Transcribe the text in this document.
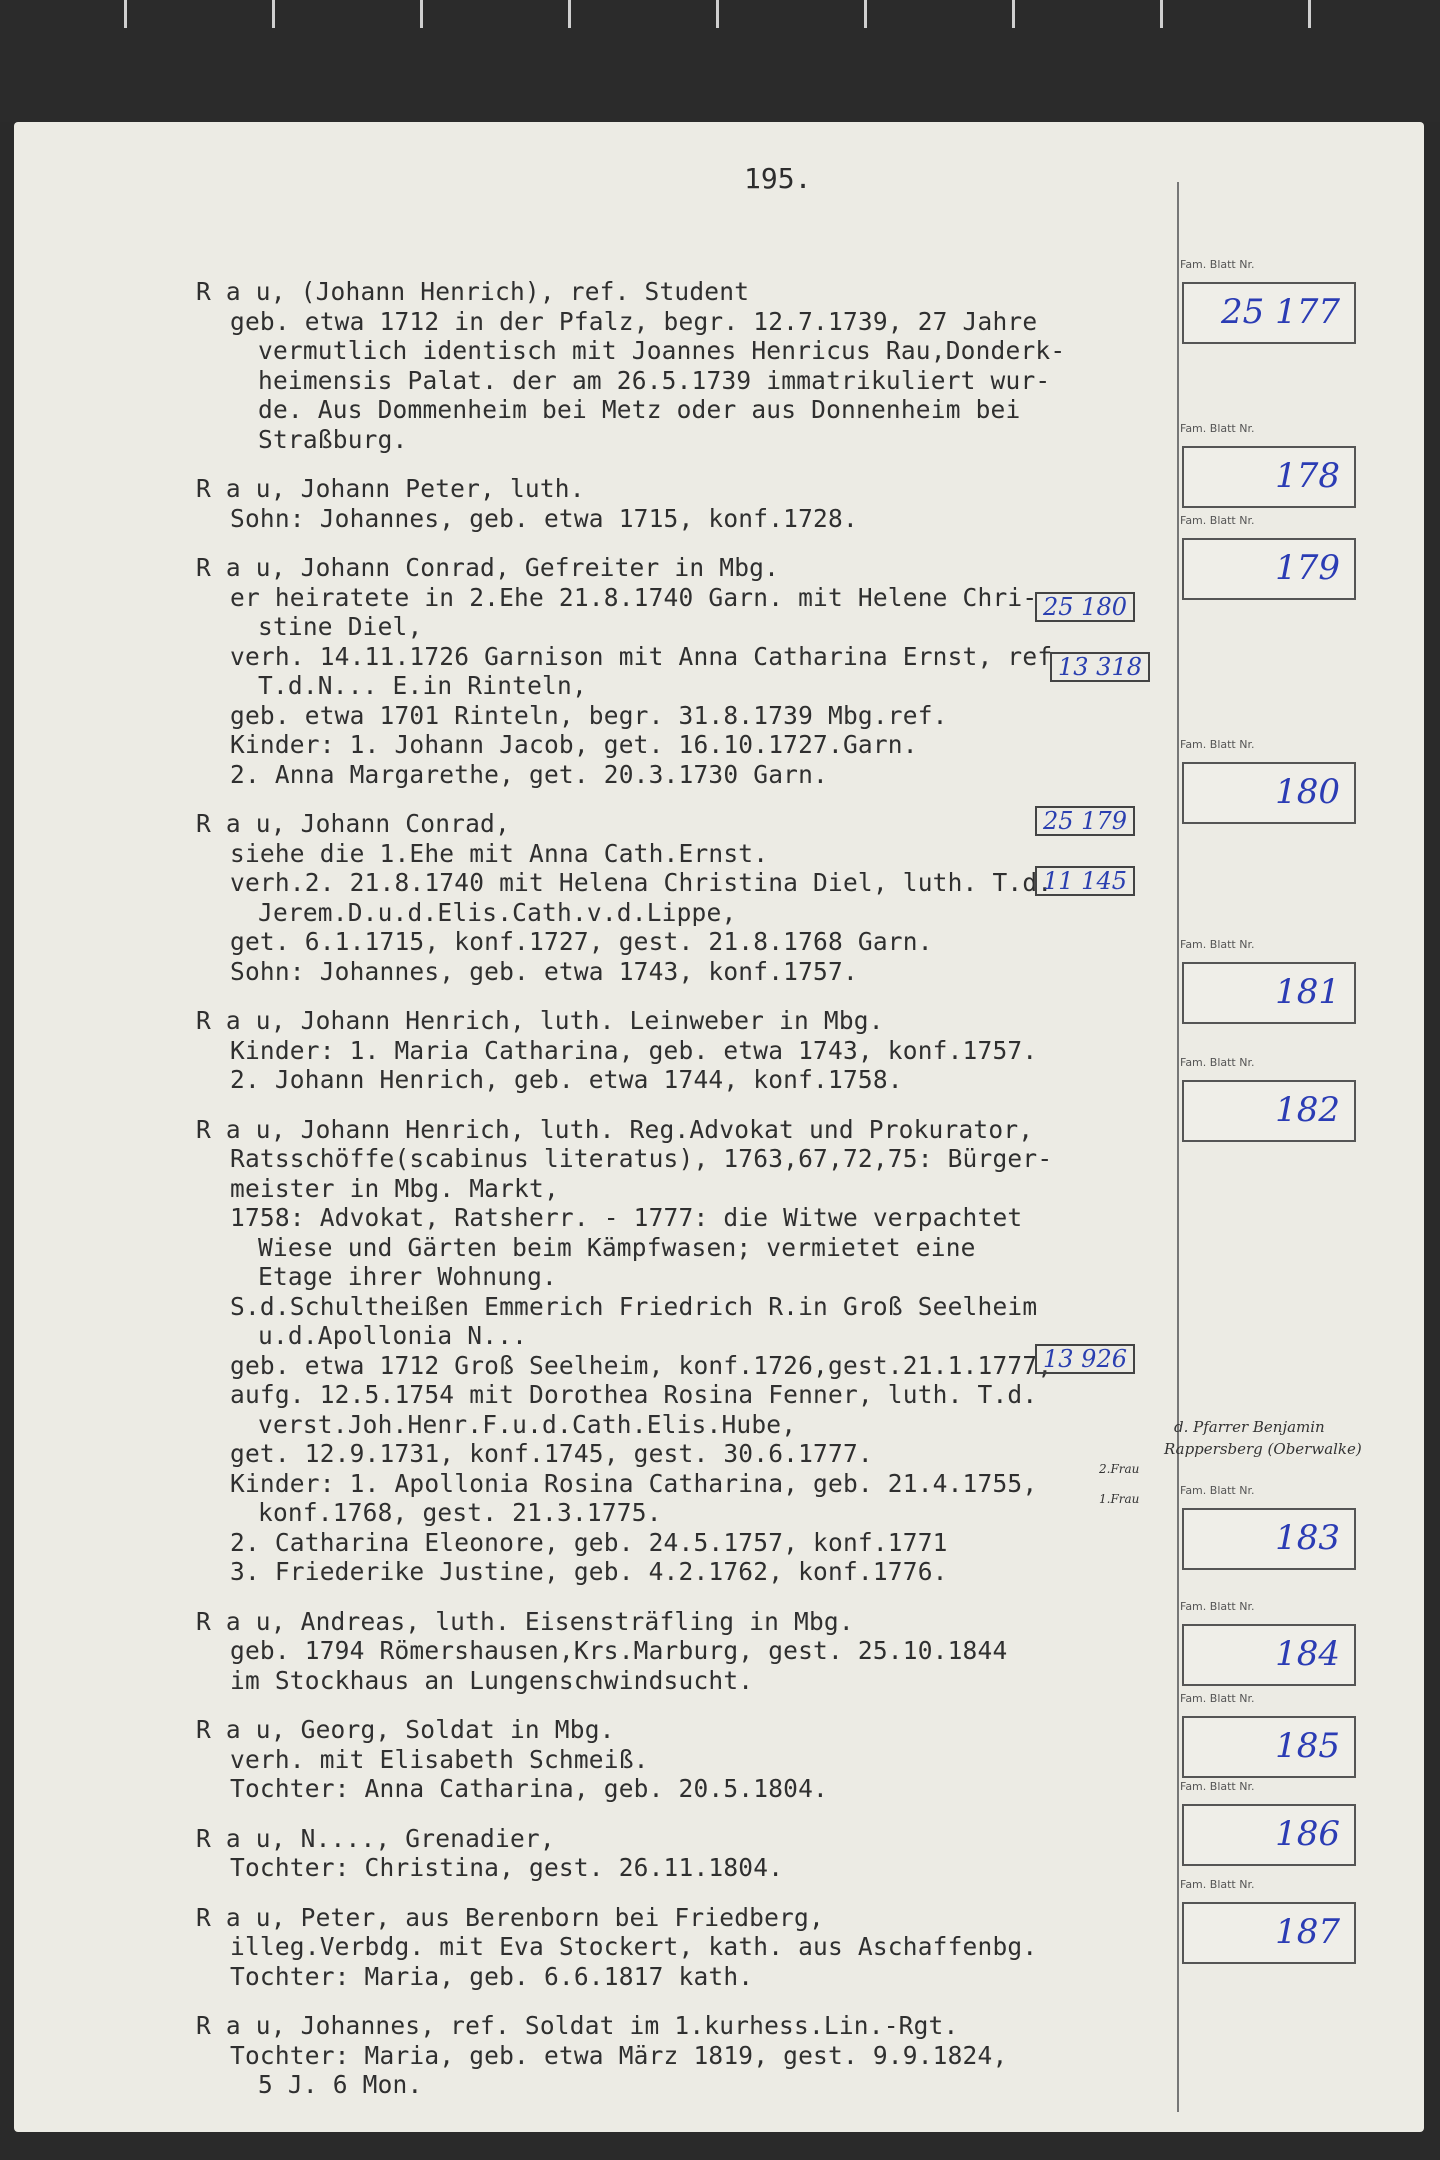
195.
R a u, (Johann Henrich), ref. Student
geb. etwa 1712 in der Pfalz, begr. 12.7.1739, 27 Jahre
vermutlich identisch mit Joannes Henricus Rau,Donderk-
heimensis Palat. der am 26.5.1739 immatrikuliert wur-
de. Aus Dommenheim bei Metz oder aus Donnenheim bei
Straßburg.
R a u, Johann Peter, luth.
Sohn: Johannes, geb. etwa 1715, konf.1728.
R a u, Johann Conrad, Gefreiter in Mbg.
er heiratete in 2.Ehe 21.8.1740 Garn. mit Helene Chri-
stine Diel,
verh. 14.11.1726 Garnison mit Anna Catharina Ernst, ref
T.d.N... E.in Rinteln,
geb. etwa 1701 Rinteln, begr. 31.8.1739 Mbg.ref.
Kinder: 1. Johann Jacob, get. 16.10.1727.Garn.
2. Anna Margarethe, get. 20.3.1730 Garn.
R a u, Johann Conrad,
siehe die 1.Ehe mit Anna Cath.Ernst.
verh.2. 21.8.1740 mit Helena Christina Diel, luth. T.d.
Jerem.D.u.d.Elis.Cath.v.d.Lippe,
get. 6.1.1715, konf.1727, gest. 21.8.1768 Garn.
Sohn: Johannes, geb. etwa 1743, konf.1757.
R a u, Johann Henrich, luth. Leinweber in Mbg.
Kinder: 1. Maria Catharina, geb. etwa 1743, konf.1757.
2. Johann Henrich, geb. etwa 1744, konf.1758.
R a u, Johann Henrich, luth. Reg.Advokat und Prokurator,
Ratsschöffe(scabinus literatus), 1763,67,72,75: Bürger-
meister in Mbg. Markt,
1758: Advokat, Ratsherr. - 1777: die Witwe verpachtet
Wiese und Gärten beim Kämpfwasen; vermietet eine
Etage ihrer Wohnung.
S.d.Schultheißen Emmerich Friedrich R.in Groß Seelheim
u.d.Apollonia N...
geb. etwa 1712 Groß Seelheim, konf.1726,gest.21.1.1777,
aufg. 12.5.1754 mit Dorothea Rosina Fenner, luth. T.d.
verst.Joh.Henr.F.u.d.Cath.Elis.Hube,
get. 12.9.1731, konf.1745, gest. 30.6.1777.
Kinder: 1. Apollonia Rosina Catharina, geb. 21.4.1755,
konf.1768, gest. 21.3.1775.
2. Catharina Eleonore, geb. 24.5.1757, konf.1771
3. Friederike Justine, geb. 4.2.1762, konf.1776.
R a u, Andreas, luth. Eisensträfling in Mbg.
geb. 1794 Römershausen,Krs.Marburg, gest. 25.10.1844
im Stockhaus an Lungenschwindsucht.
R a u, Georg, Soldat in Mbg.
verh. mit Elisabeth Schmeiß.
Tochter: Anna Catharina, geb. 20.5.1804.
R a u, N...., Grenadier,
Tochter: Christina, gest. 26.11.1804.
R a u, Peter, aus Berenborn bei Friedberg,
illeg.Verbdg. mit Eva Stockert, kath. aus Aschaffenbg.
Tochter: Maria, geb. 6.6.1817 kath.
R a u, Johannes, ref. Soldat im 1.kurhess.Lin.-Rgt.
Tochter: Maria, geb. etwa März 1819, gest. 9.9.1824,
5 J. 6 Mon.
25 180
13 318
25 179
11 145
13 926
Fam. Blatt Nr.
25 177
Fam. Blatt Nr.
178
Fam. Blatt Nr.
179
Fam. Blatt Nr.
180
Fam. Blatt Nr.
181
Fam. Blatt Nr.
182
d. Pfarrer Benjamin
Rappersberg (Oberwalke)
2.Frau
1.Frau
Fam. Blatt Nr.
183
Fam. Blatt Nr.
184
Fam. Blatt Nr.
185
Fam. Blatt Nr.
186
Fam. Blatt Nr.
187
